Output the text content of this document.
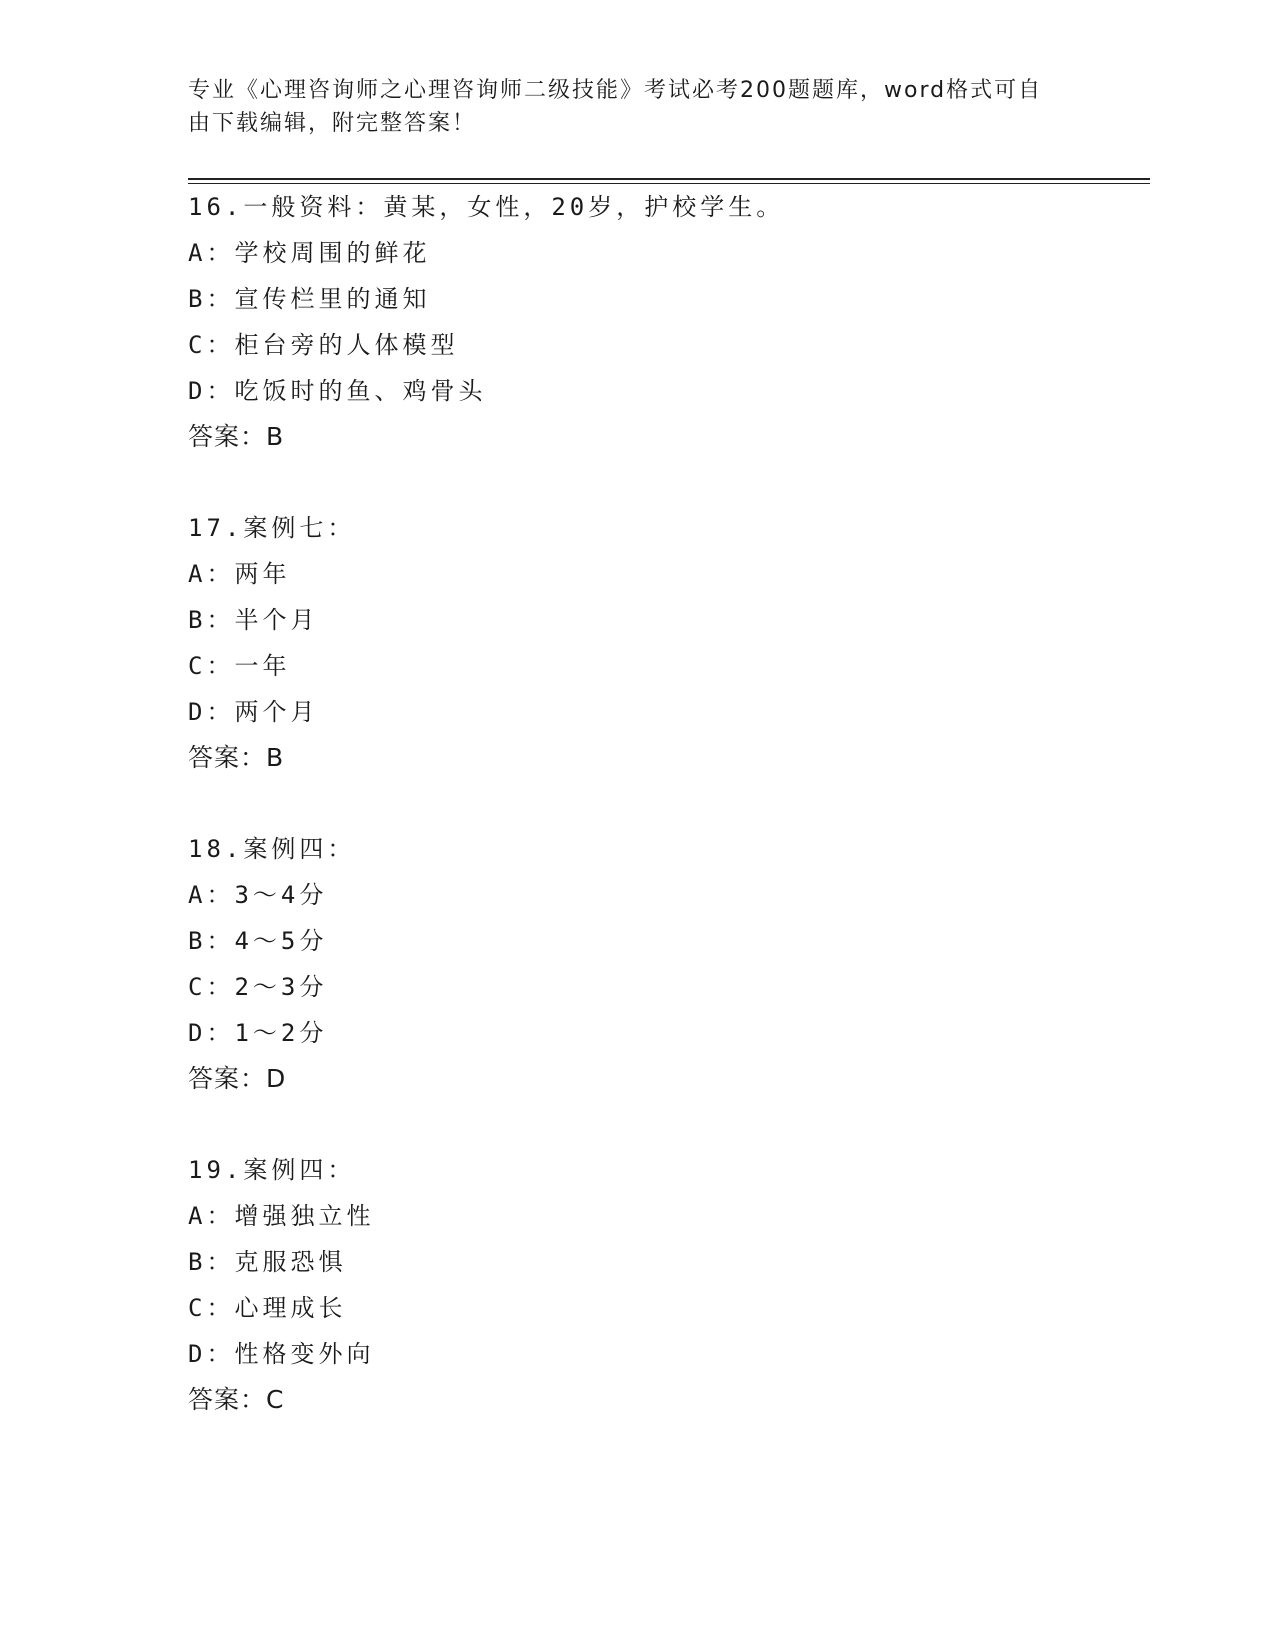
专业《心理咨询师之心理咨询师二级技能》考试必考200题题库，word格式可自
由下载编辑，附完整答案！
16.一般资料：黄某，女性，20岁，护校学生。
A：学校周围的鲜花
B：宣传栏里的通知
C：柜台旁的人体模型
D：吃饭时的鱼、鸡骨头
答案：B
17.案例七：
A：两年
B：半个月
C：一年
D：两个月
答案：B
18.案例四：
A：3～4分
B：4～5分
C：2～3分
D：1～2分
答案：D
19.案例四：
A：增强独立性
B：克服恐惧
C：心理成长
D：性格变外向
答案：C
